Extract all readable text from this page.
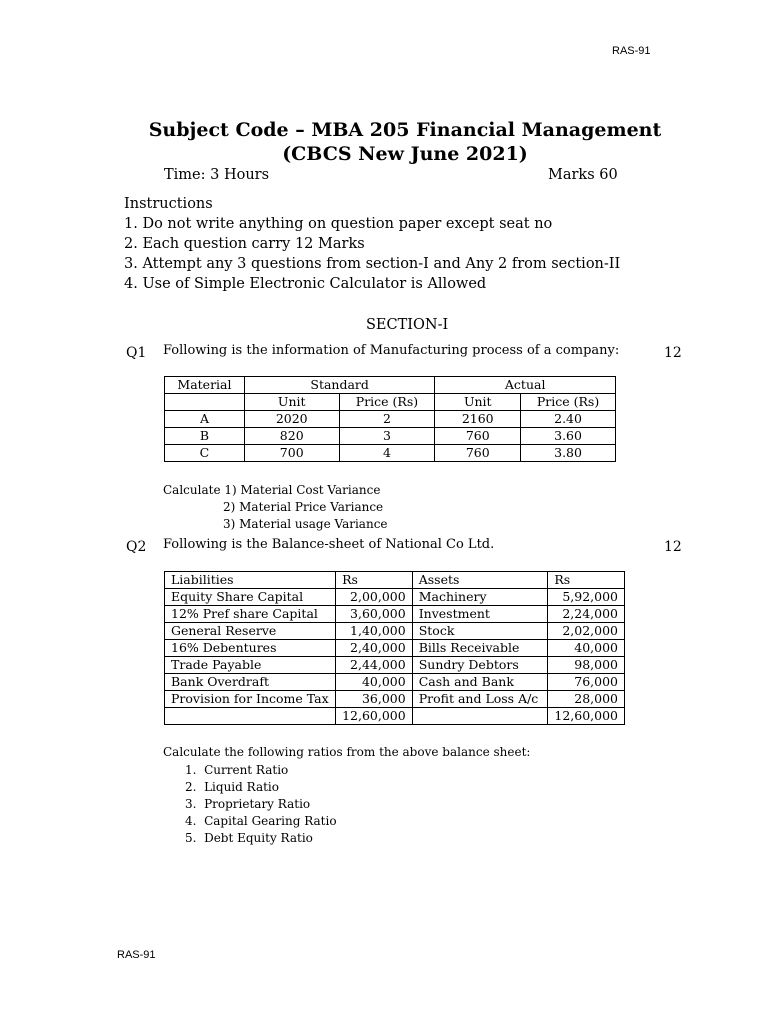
RAS-91
Subject Code – MBA 205 Financial Management (CBCS New June 2021)
Time: 3 Hours	Marks 60
Instructions
1. Do not write anything on question paper except seat no
2. Each question carry 12 Marks
3. Attempt any 3 questions from section-I and Any 2 from section-II
4. Use of Simple Electronic Calculator is Allowed
SECTION-I
Q1 Following is the information of Manufacturing process of a company:	12
Material	Standard		Actual	
	Unit	Price (Rs)	Unit	Price (Rs)
A	2020	2	2160	2.40
B	820	3	760	3.60
C	700	4	760	3.80
Calculate 1) Material Cost Variance
2) Material Price Variance
3) Material usage Variance
Q2 Following is the Balance-sheet of National Co Ltd.	12
Liabilities	Rs	Assets	Rs
Equity Share Capital	2,00,000	Machinery	5,92,000
12% Pref share Capital	3,60,000	Investment	2,24,000
General Reserve	1,40,000	Stock	2,02,000
16% Debentures	2,40,000	Bills Receivable	40,000
Trade Payable	2,44,000	Sundry Debtors	98,000
Bank Overdraft	40,000	Cash and Bank	76,000
Provision for Income Tax	36,000	Profit and Loss A/c	28,000
	12,60,000		12,60,000
Calculate the following ratios from the above balance sheet:
1.  Current Ratio
2.  Liquid Ratio
3.  Proprietary Ratio
4.  Capital Gearing Ratio
5.  Debt Equity Ratio
RAS-91
